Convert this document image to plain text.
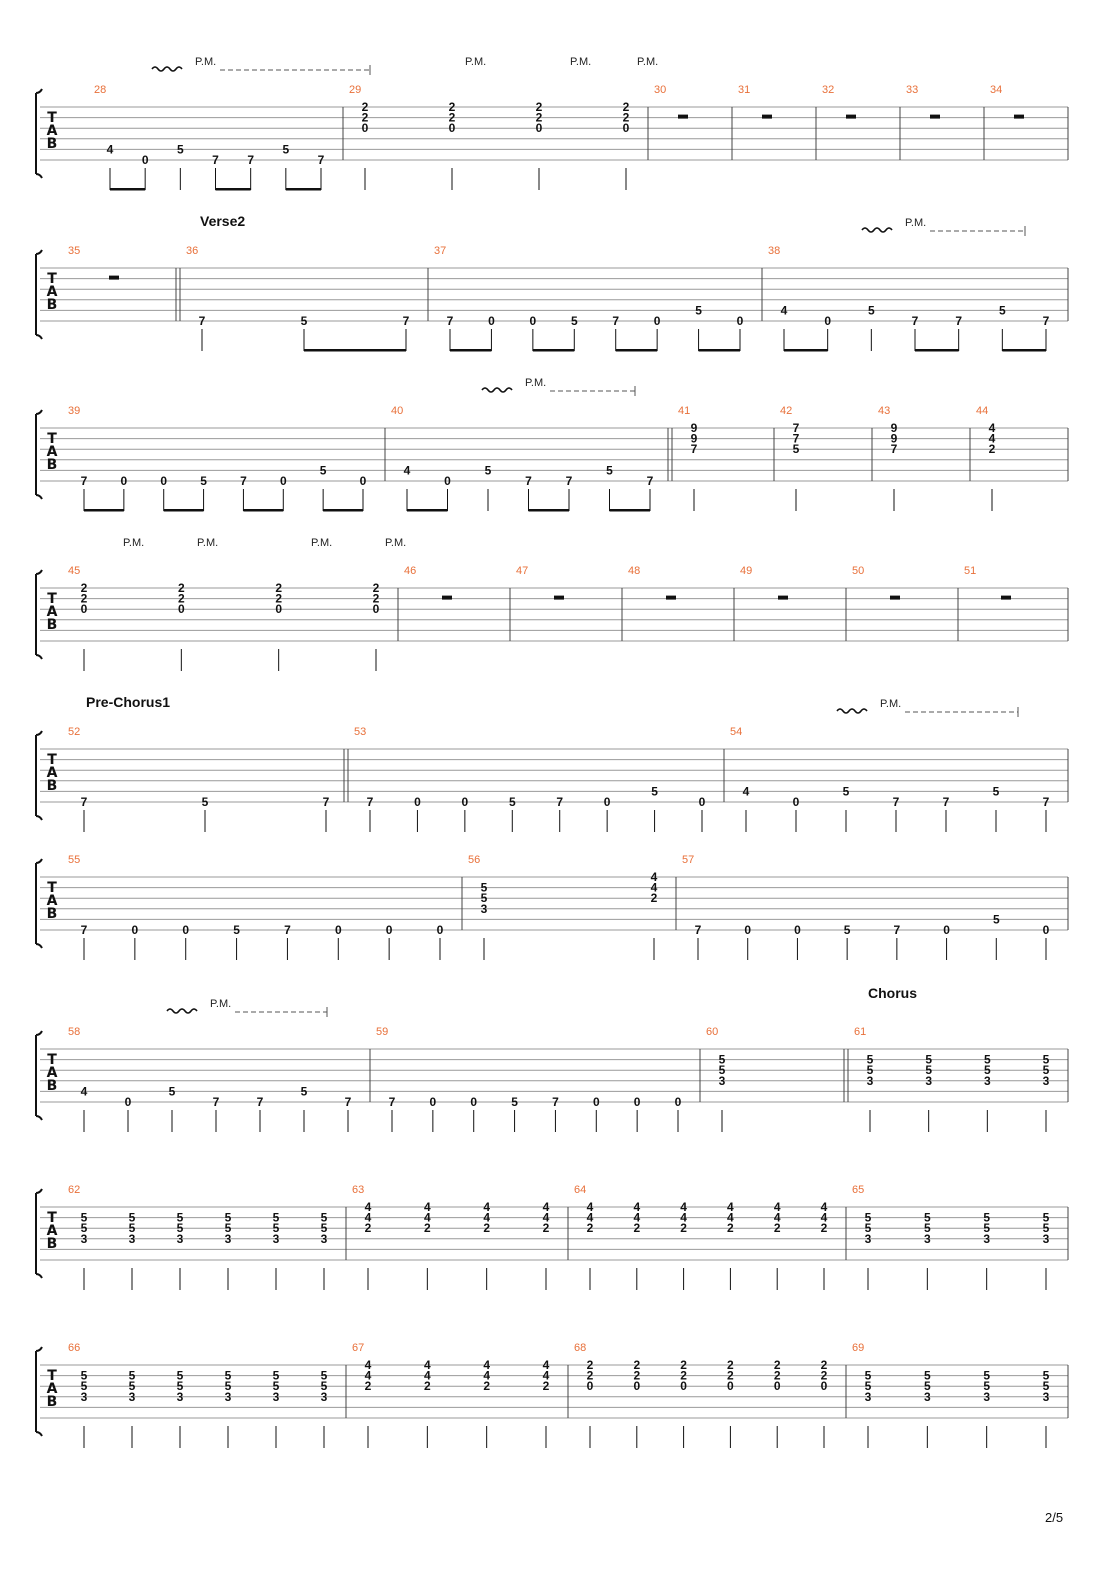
T
A
B
P.M.	P.M.	P.M.	P.M.
28
4
0
5
7 7
5
7
29
2
2
0
2
2
0
2
2
0
2
2
0
30	31	32	33	34
T
A
B
Verse2	P.M.
35	36
7	5	7
37
7	0	0	5	7	0
5
0
38
4
0
5
7	7
5
7
T
A
B
P.M.
39
7	0	0	5	7	0
5
0
40
4
0
5
7	7
5
7
41
9
9
7
42
7
7
5
43
9
9
7
44
4
4
2
T
A
B
P.M.	P.M.	P.M.	P.M.
45
2
2
0
2
2
0
2
2
0
2
2
0
46	47	48	49	50	51
T
A
B
Pre-Chorus1	P.M.
52
7	5	7
53
7	0	0	5	7	0
5
0
54
4
0
5
7	7
5
7
T
A
B
55
7	0	0	5	7	0	0	0
56
5
5
3
4
4
2
57
7	0	0	5	7	0
5
0
T
A
B
Chorus
P.M.
58
4
0
5
7	7
5
7
59
7	0	0	5	7	0	0	0
60
5
5
3
61
5
5
3
5
5
3
5
5
3
5
5
3
T
A
B
62
5
5
3
5
5
3
5
5
3
5
5
3
5
5
3
5
5
3
63
4
4
2
4
4
2
4
4
2
4
4
2
64
4
4
2
4
4
2
4
4
2
4
4
2
4
4
2
4
4
2
65
5
5
3
5
5
3
5
5
3
5
5
3
T
A
B
66
5
5
3
5
5
3
5
5
3
5
5
3
5
5
3
5
5
3
67
4
4
2
4
4
2
4
4
2
4
4
2
68
2
2
0
2
2
0
2
2
0
2
2
0
2
2
0
2
2
0
69
5
5
3
5
5
3
5
5
3
5
5
3
2/5
